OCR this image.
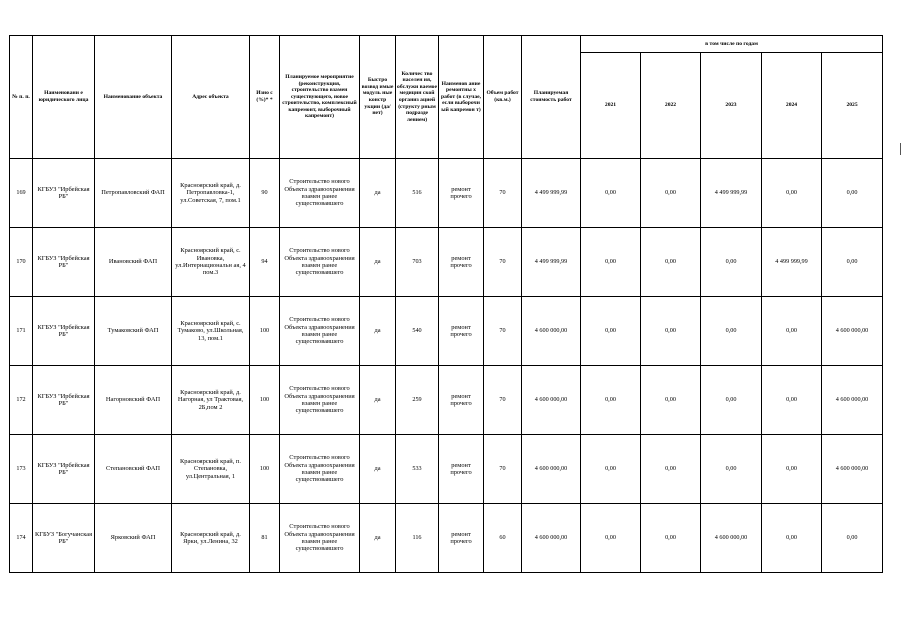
№ п. п.	Наименовани е юридического лица	Наименование объекта	Адрес объекта	Изно с (%)* *	Планируемое мероприятие (реконструкция, строительство взамен существующего, новое строительство, комплексный капремонт, выборочный капремонт)	Быстро возвод имые модуль ные констр укции (да/нет)	Количес тво населен ия, обслужи ваемое медицин ской организ ацией (структу рным подразде лением)	Наименов ание ремонтны х работ (в случае, если выборочн ый капремон т)	Объем работ (кв.м.)	Планируемая стоимость работ	в том числе по годам				
											2021	2022	2023	2024	2025
169	КГБУЗ "Ирбейская РБ"	Петропавловский ФАП	Красноярский край, д. Петропавловка-1, ул.Советская, 7, пом.1	90	Строительство нового Объекта здравоохранения взамен ранее существовавшего	да	516	ремонт прочего	70	4 499 999,99	0,00	0,00	4 499 999,99	0,00	0,00
170	КГБУЗ "Ирбейская РБ"	Ивановский ФАП	Красноярский край, с. Ивановка, ул.Интернациональн ая, 4 пом.3	94	Строительство нового Объекта здравоохранения взамен ранее существовавшего	да	703	ремонт прочего	70	4 499 999,99	0,00	0,00	0,00	4 499 999,99	0,00
171	КГБУЗ "Ирбейская РБ"	Тумаковский ФАП	Красноярский край, с. Тумаково, ул.Школьная, 13, пом.1	100	Строительство нового Объекта здравоохранения взамен ранее существовавшего	да	540	ремонт прочего	70	4 600 000,00	0,00	0,00	0,00	0,00	4 600 000,00
172	КГБУЗ "Ирбейская РБ"	Нагорновский ФАП	Красноярский край, д. Нагорная, ул Трактовая, 2Б,пом 2	100	Строительство нового Объекта здравоохранения взамен ранее существовавшего	да	259	ремонт прочего	70	4 600 000,00	0,00	0,00	0,00	0,00	4 600 000,00
173	КГБУЗ "Ирбейская РБ"	Степановский ФАП	Красноярский край, п. Степановка, ул.Центральная, 1	100	Строительство нового Объекта здравоохранения взамен ранее существовавшего	да	533	ремонт прочего	70	4 600 000,00	0,00	0,00	0,00	0,00	4 600 000,00
174	КГБУЗ "Богучанская РБ"	Ярковский ФАП	Красноярский край, д. Ярки, ул.Ленина, 32	81	Строительство нового Объекта здравоохранения взамен ранее существовавшего	да	116	ремонт прочего	60	4 600 000,00	0,00	0,00	4 600 000,00	0,00	0,00
